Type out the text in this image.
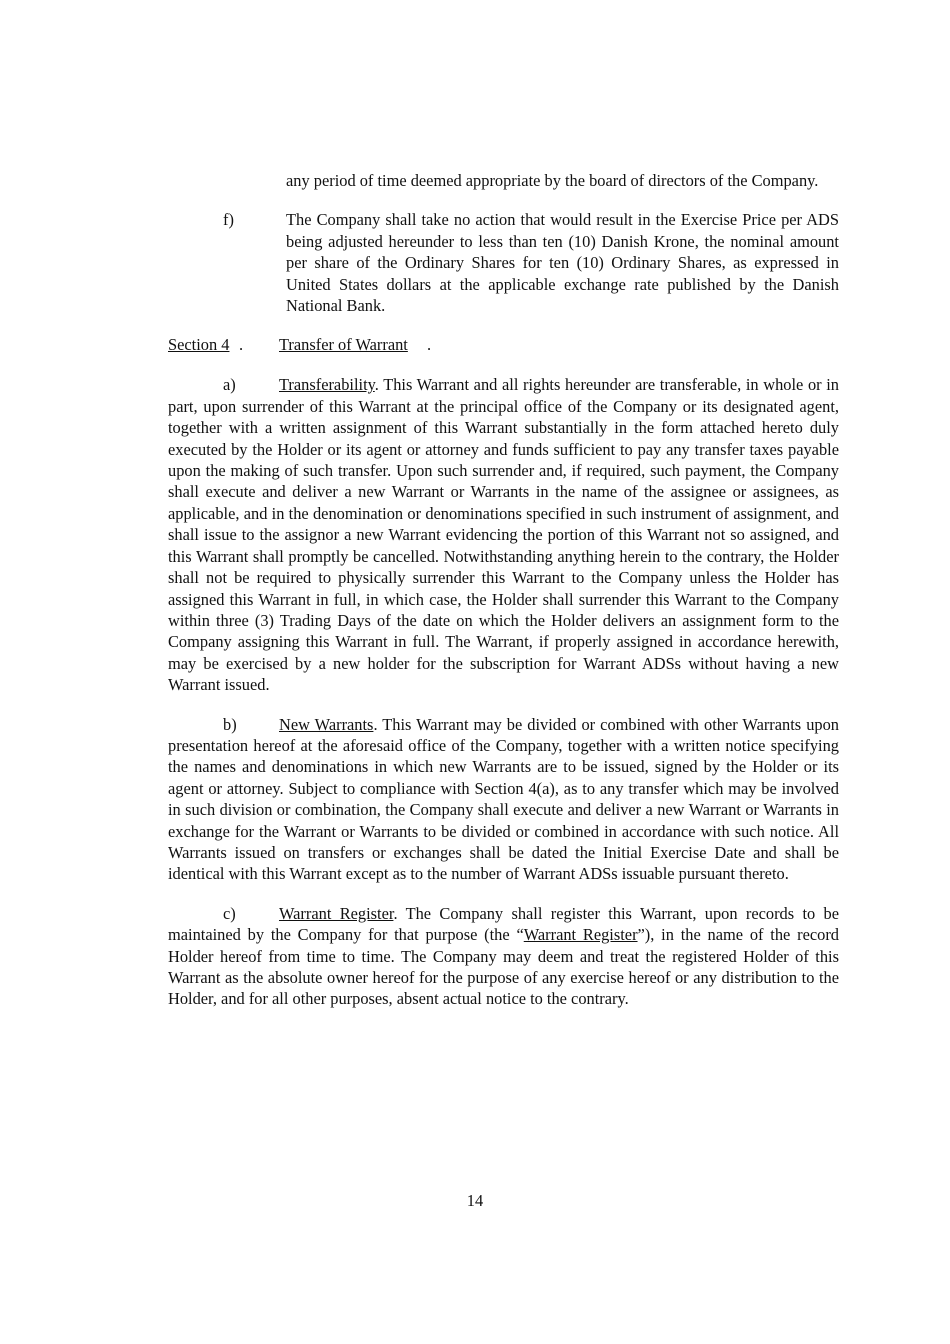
any period of time deemed appropriate by the board of directors of the Company.

f)	The Company shall take no action that would result in the Exercise Price per ADS being adjusted hereunder to less than ten (10) Danish Krone, the nominal amount per share of the Ordinary Shares for ten (10) Ordinary Shares, as expressed in United States dollars at the applicable exchange rate published by the Danish National Bank.
Section 4 . Transfer of Warrant .

a)	Transferability. This Warrant and all rights hereunder are transferable, in whole or in part, upon surrender of this Warrant at the principal office of the Company or its designated agent, together with a written assignment of this Warrant substantially in the form attached hereto duly executed by the Holder or its agent or attorney and funds sufficient to pay any transfer taxes payable upon the making of such transfer. Upon such surrender and, if required, such payment, the Company shall execute and deliver a new Warrant or Warrants in the name of the assignee or assignees, as applicable, and in the denomination or denominations specified in such instrument of assignment, and shall issue to the assignor a new Warrant evidencing the portion of this Warrant not so assigned, and this Warrant shall promptly be cancelled. Notwithstanding anything herein to the contrary, the Holder shall not be required to physically surrender this Warrant to the Company unless the Holder has assigned this Warrant in full, in which case, the Holder shall surrender this Warrant to the Company within three (3) Trading Days of the date on which the Holder delivers an assignment form to the Company assigning this Warrant in full. The Warrant, if properly assigned in accordance herewith, may be exercised by a new holder for the subscription for Warrant ADSs without having a new Warrant issued.

b)	New Warrants. This Warrant may be divided or combined with other Warrants upon presentation hereof at the aforesaid office of the Company, together with a written notice specifying the names and denominations in which new Warrants are to be issued, signed by the Holder or its agent or attorney. Subject to compliance with Section 4(a), as to any transfer which may be involved in such division or combination, the Company shall execute and deliver a new Warrant or Warrants in exchange for the Warrant or Warrants to be divided or combined in accordance with such notice. All Warrants issued on transfers or exchanges shall be dated the Initial Exercise Date and shall be identical with this Warrant except as to the number of Warrant ADSs issuable pursuant thereto.

c)	Warrant Register. The Company shall register this Warrant, upon records to be maintained by the Company for that purpose (the “Warrant Register”), in the name of the record Holder hereof from time to time. The Company may deem and treat the registered Holder of this Warrant as the absolute owner hereof for the purpose of any exercise hereof or any distribution to the Holder, and for all other purposes, absent actual notice to the contrary.

14
